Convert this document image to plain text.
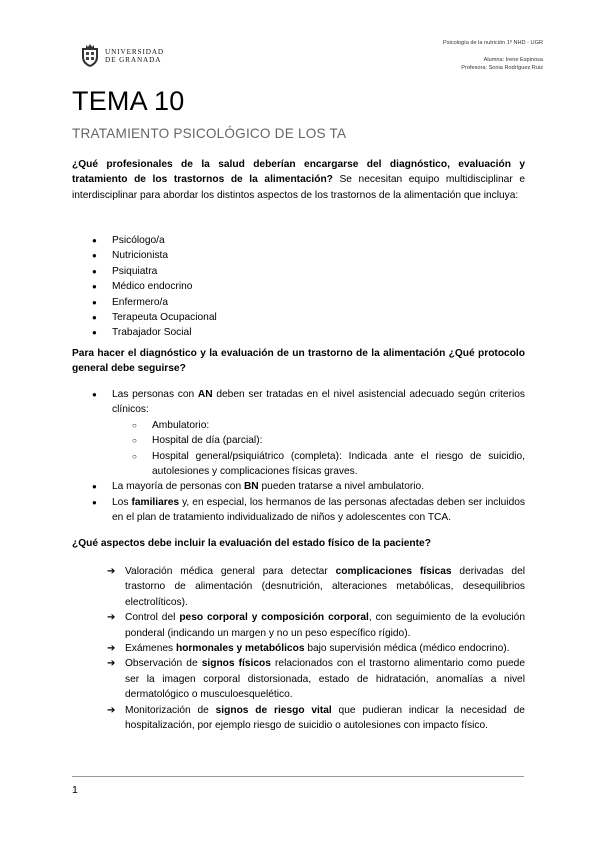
UNIVERSIDAD
DE GRANADA
Psicología de la nutrición 1º NHD - UGR
Alumna: Irene Espinosa
Profesora: Sonia Rodríguez Ruiz
TEMA 10
TRATAMIENTO PSICOLÓGICO DE LOS TA

¿Qué profesionales de la salud deberían encargarse del diagnóstico, evaluación y tratamiento de los trastornos de la alimentación? Se necesitan equipo multidisciplinar e interdisciplinar para abordar los distintos aspectos de los trastornos de la alimentación que incluya:

● Psicólogo/a
● Nutricionista
● Psiquiatra
● Médico endocrino
● Enfermero/a
● Terapeuta Ocupacional
● Trabajador Social

Para hacer el diagnóstico y la evaluación de un trastorno de la alimentación ¿Qué protocolo general debe seguirse?

● Las personas con AN deben ser tratadas en el nivel asistencial adecuado según criterios clínicos:
○ Ambulatorio:
○ Hospital de día (parcial):
○ Hospital general/psiquiátrico (completa): Indicada ante el riesgo de suicidio, autolesiones y complicaciones físicas graves.
● La mayoría de personas con BN pueden tratarse a nivel ambulatorio.
● Los familiares y, en especial, los hermanos de las personas afectadas deben ser incluidos en el plan de tratamiento individualizado de niños y adolescentes con TCA.

¿Qué aspectos debe incluir la evaluación del estado físico de la paciente?

➔ Valoración médica general para detectar complicaciones físicas derivadas del trastorno de alimentación (desnutrición, alteraciones metabólicas, desequilibrios electrolíticos).
➔ Control del peso corporal y composición corporal, con seguimiento de la evolución ponderal (indicando un margen y no un peso específico rígido).
➔ Exámenes hormonales y metabólicos bajo supervisión médica (médico endocrino).
➔ Observación de signos físicos relacionados con el trastorno alimentario como puede ser la imagen corporal distorsionada, estado de hidratación, anomalías a nivel dermatológico o musculoesquelético.
➔ Monitorización de signos de riesgo vital que pudieran indicar la necesidad de hospitalización, por ejemplo riesgo de suicidio o autolesiones con impacto físico.
1
